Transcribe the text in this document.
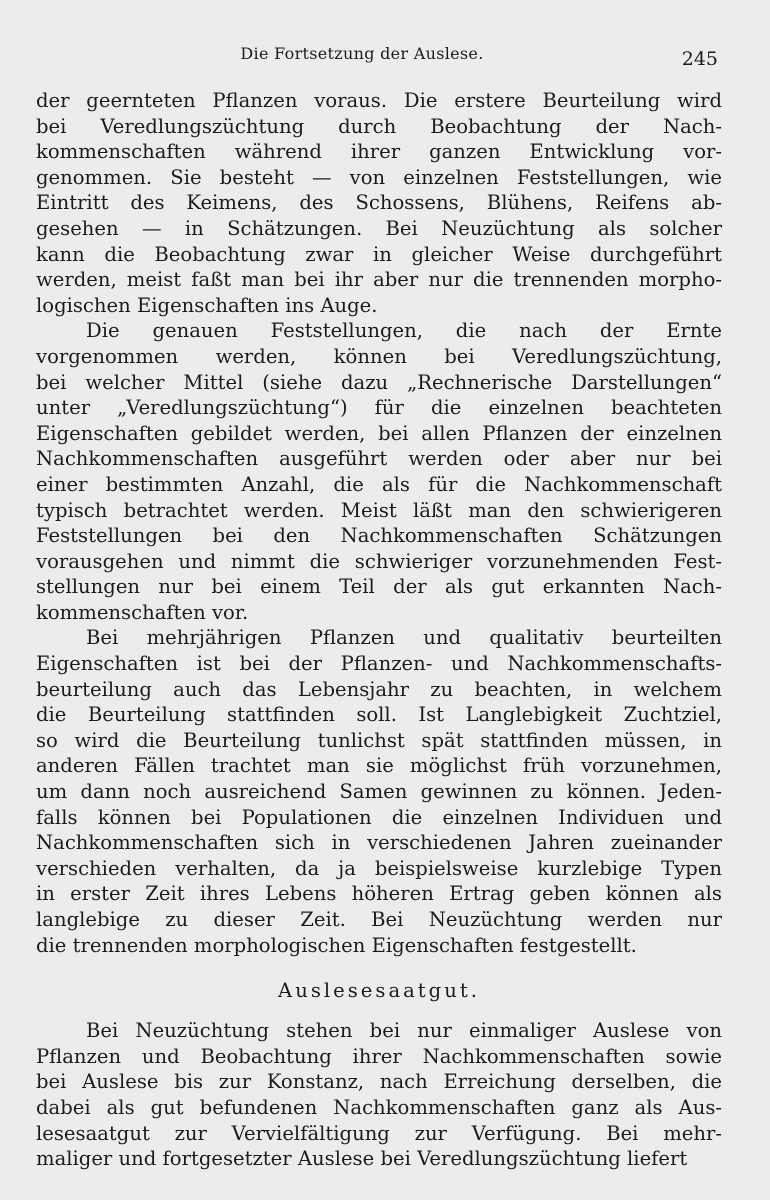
Die Fortsetzung der Auslese.	245

der geernteten Pflanzen voraus. Die erstere Beurteilung wird
bei Veredlungszüchtung durch Beobachtung der Nach-
kommenschaften während ihrer ganzen Entwicklung vor-
genommen. Sie besteht — von einzelnen Feststellungen, wie
Eintritt des Keimens, des Schossens, Blühens, Reifens ab-
gesehen — in Schätzungen. Bei Neuzüchtung als solcher
kann die Beobachtung zwar in gleicher Weise durchgeführt
werden, meist faßt man bei ihr aber nur die trennenden morpho-
logischen Eigenschaften ins Auge.

Die genauen Feststellungen, die nach der Ernte
vorgenommen werden, können bei Veredlungszüchtung,
bei welcher Mittel (siehe dazu „Rechnerische Darstellungen“
unter „Veredlungszüchtung“) für die einzelnen beachteten
Eigenschaften gebildet werden, bei allen Pflanzen der einzelnen
Nachkommenschaften ausgeführt werden oder aber nur bei
einer bestimmten Anzahl, die als für die Nachkommenschaft
typisch betrachtet werden. Meist läßt man den schwierigeren
Feststellungen bei den Nachkommenschaften Schätzungen
vorausgehen und nimmt die schwieriger vorzunehmenden Fest-
stellungen nur bei einem Teil der als gut erkannten Nach-
kommenschaften vor.

Bei mehrjährigen Pflanzen und qualitativ beurteilten
Eigenschaften ist bei der Pflanzen- und Nachkommenschafts-
beurteilung auch das Lebensjahr zu beachten, in welchem
die Beurteilung stattfinden soll. Ist Langlebigkeit Zuchtziel,
so wird die Beurteilung tunlichst spät stattfinden müssen, in
anderen Fällen trachtet man sie möglichst früh vorzunehmen,
um dann noch ausreichend Samen gewinnen zu können. Jeden-
falls können bei Populationen die einzelnen Individuen und
Nachkommenschaften sich in verschiedenen Jahren zueinander
verschieden verhalten, da ja beispielsweise kurzlebige Typen
in erster Zeit ihres Lebens höheren Ertrag geben können als
langlebige zu dieser Zeit. Bei Neuzüchtung werden nur
die trennenden morphologischen Eigenschaften festgestellt.

Auslesesaatgut.

Bei Neuzüchtung stehen bei nur einmaliger Auslese von
Pflanzen und Beobachtung ihrer Nachkommenschaften sowie
bei Auslese bis zur Konstanz, nach Erreichung derselben, die
dabei als gut befundenen Nachkommenschaften ganz als Aus-
lesesaatgut zur Vervielfältigung zur Verfügung. Bei mehr-
maliger und fortgesetzter Auslese bei Veredlungszüchtung liefert
